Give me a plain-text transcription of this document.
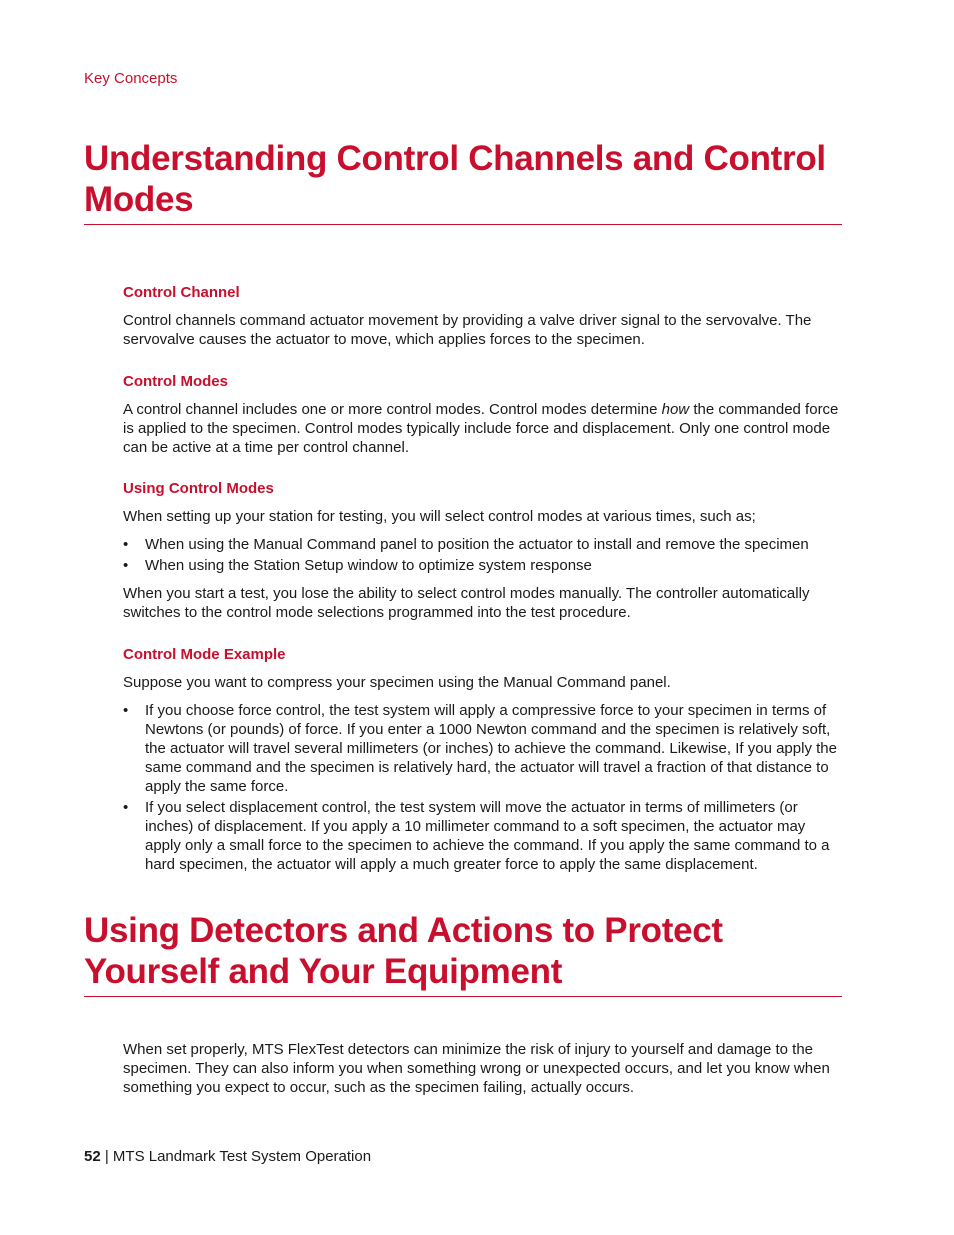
Key Concepts
Understanding Control Channels and Control Modes
Control Channel
Control channels command actuator movement by providing a valve driver signal to the servovalve. The servovalve causes the actuator to move, which applies forces to the specimen.
Control Modes
A control channel includes one or more control modes. Control modes determine how the commanded force is applied to the specimen. Control modes typically include force and displacement. Only one control mode can be active at a time per control channel.
Using Control Modes
When setting up your station for testing, you will select control modes at various times, such as;
• When using the Manual Command panel to position the actuator to install and remove the specimen
• When using the Station Setup window to optimize system response
When you start a test, you lose the ability to select control modes manually. The controller automatically switches to the control mode selections programmed into the test procedure.
Control Mode Example
Suppose you want to compress your specimen using the Manual Command panel.
• If you choose force control, the test system will apply a compressive force to your specimen in terms of Newtons (or pounds) of force. If you enter a 1000 Newton command and the specimen is relatively soft, the actuator will travel several millimeters (or inches) to achieve the command. Likewise, If you apply the same command and the specimen is relatively hard, the actuator will travel a fraction of that distance to apply the same force.
• If you select displacement control, the test system will move the actuator in terms of millimeters (or inches) of displacement. If you apply a 10 millimeter command to a soft specimen, the actuator may apply only a small force to the specimen to achieve the command. If you apply the same command to a hard specimen, the actuator will apply a much greater force to apply the same displacement.
Using Detectors and Actions to Protect Yourself and Your Equipment
When set properly, MTS FlexTest detectors can minimize the risk of injury to yourself and damage to the specimen. They can also inform you when something wrong or unexpected occurs, and let you know when something you expect to occur, such as the specimen failing, actually occurs.
52 | MTS Landmark Test System Operation
